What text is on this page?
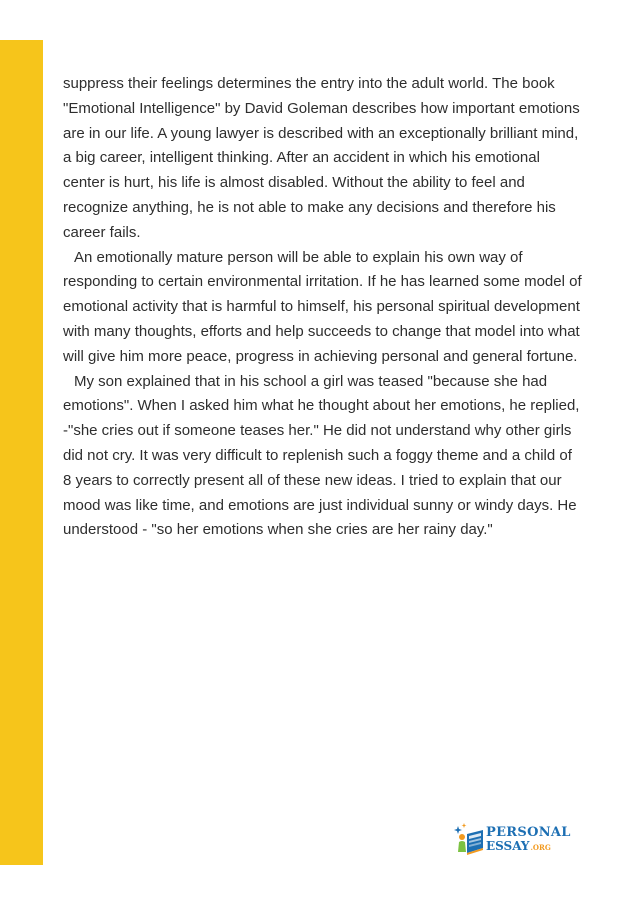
suppress their feelings determines the entry into the adult world. The book "Emotional Intelligence" by David Goleman describes how important emotions are in our life. A young lawyer is described with an exceptionally brilliant mind, a big career, intelligent thinking. After an accident in which his emotional center is hurt, his life is almost disabled. Without the ability to feel and recognize anything, he is not able to make any decisions and therefore his career fails.

An emotionally mature person will be able to explain his own way of responding to certain environmental irritation. If he has learned some model of emotional activity that is harmful to himself, his personal spiritual development with many thoughts, efforts and help succeeds to change that model into what will give him more peace, progress in achieving personal and general fortune.

My son explained that in his school a girl was teased "because she had emotions". When I asked him what he thought about her emotions, he replied, -"she cries out if someone teases her." He did not understand why other girls did not cry. It was very difficult to replenish such a foggy theme and a child of 8 years to correctly present all of these new ideas. I tried to explain that our mood was like time, and emotions are just individual sunny or windy days. He understood - "so her emotions when she cries are her rainy day."

PERSONAL
ESSAY.ORG
